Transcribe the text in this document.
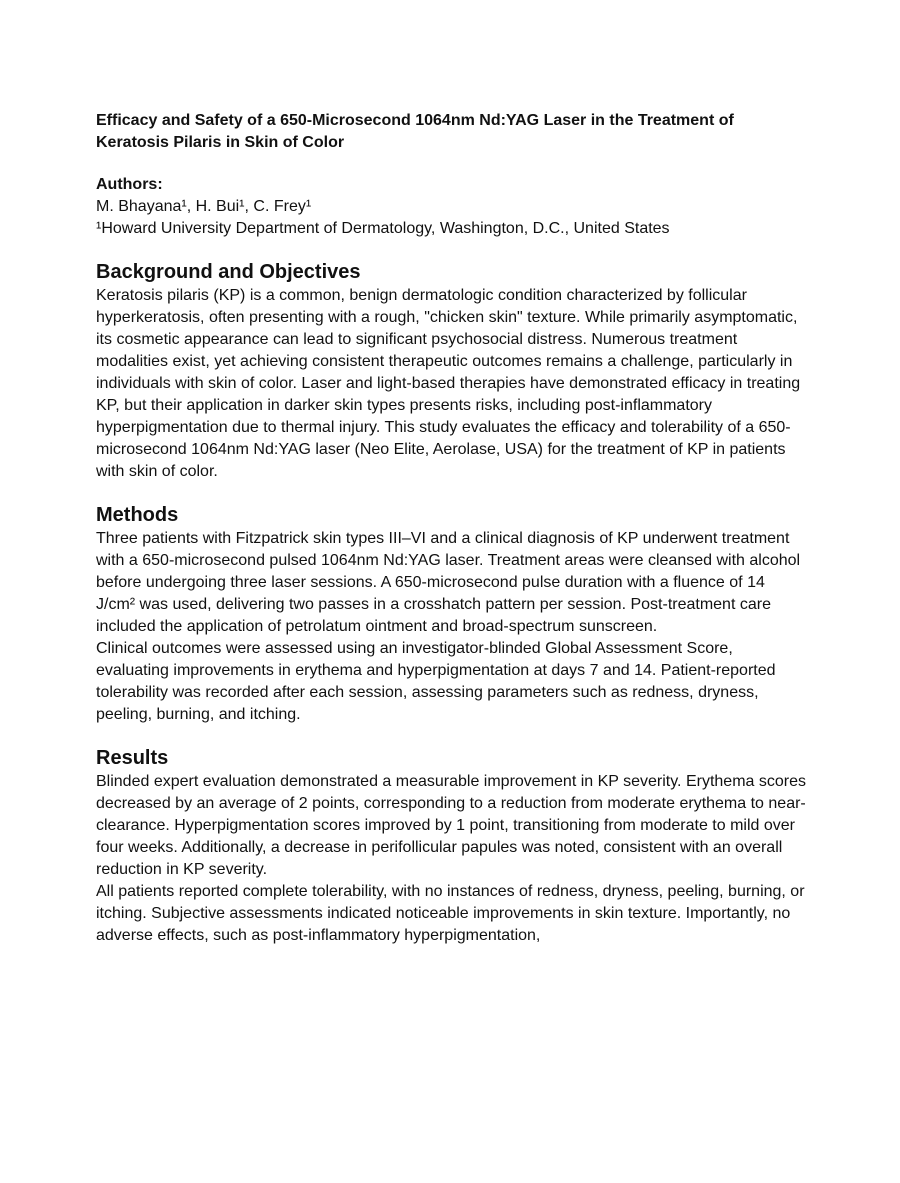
Efficacy and Safety of a 650-Microsecond 1064nm Nd:YAG Laser in the Treatment of Keratosis Pilaris in Skin of Color

Authors:

M. Bhayana¹, H. Bui¹, C. Frey¹

¹Howard University Department of Dermatology, Washington, D.C., United States

Background and Objectives

Keratosis pilaris (KP) is a common, benign dermatologic condition characterized by follicular hyperkeratosis, often presenting with a rough, "chicken skin" texture. While primarily asymptomatic, its cosmetic appearance can lead to significant psychosocial distress. Numerous treatment modalities exist, yet achieving consistent therapeutic outcomes remains a challenge, particularly in individuals with skin of color. Laser and light-based therapies have demonstrated efficacy in treating KP, but their application in darker skin types presents risks, including post-inflammatory hyperpigmentation due to thermal injury. This study evaluates the efficacy and tolerability of a 650-microsecond 1064nm Nd:YAG laser (Neo Elite, Aerolase, USA) for the treatment of KP in patients with skin of color.

Methods

Three patients with Fitzpatrick skin types III–VI and a clinical diagnosis of KP underwent treatment with a 650-microsecond pulsed 1064nm Nd:YAG laser. Treatment areas were cleansed with alcohol before undergoing three laser sessions. A 650-microsecond pulse duration with a fluence of 14 J/cm² was used, delivering two passes in a crosshatch pattern per session. Post-treatment care included the application of petrolatum ointment and broad-spectrum sunscreen.

Clinical outcomes were assessed using an investigator-blinded Global Assessment Score, evaluating improvements in erythema and hyperpigmentation at days 7 and 14. Patient-reported tolerability was recorded after each session, assessing parameters such as redness, dryness, peeling, burning, and itching.

Results

Blinded expert evaluation demonstrated a measurable improvement in KP severity. Erythema scores decreased by an average of 2 points, corresponding to a reduction from moderate erythema to near-clearance. Hyperpigmentation scores improved by 1 point, transitioning from moderate to mild over four weeks. Additionally, a decrease in perifollicular papules was noted, consistent with an overall reduction in KP severity.

All patients reported complete tolerability, with no instances of redness, dryness, peeling, burning, or itching. Subjective assessments indicated noticeable improvements in skin texture. Importantly, no adverse effects, such as post-inflammatory hyperpigmentation,
